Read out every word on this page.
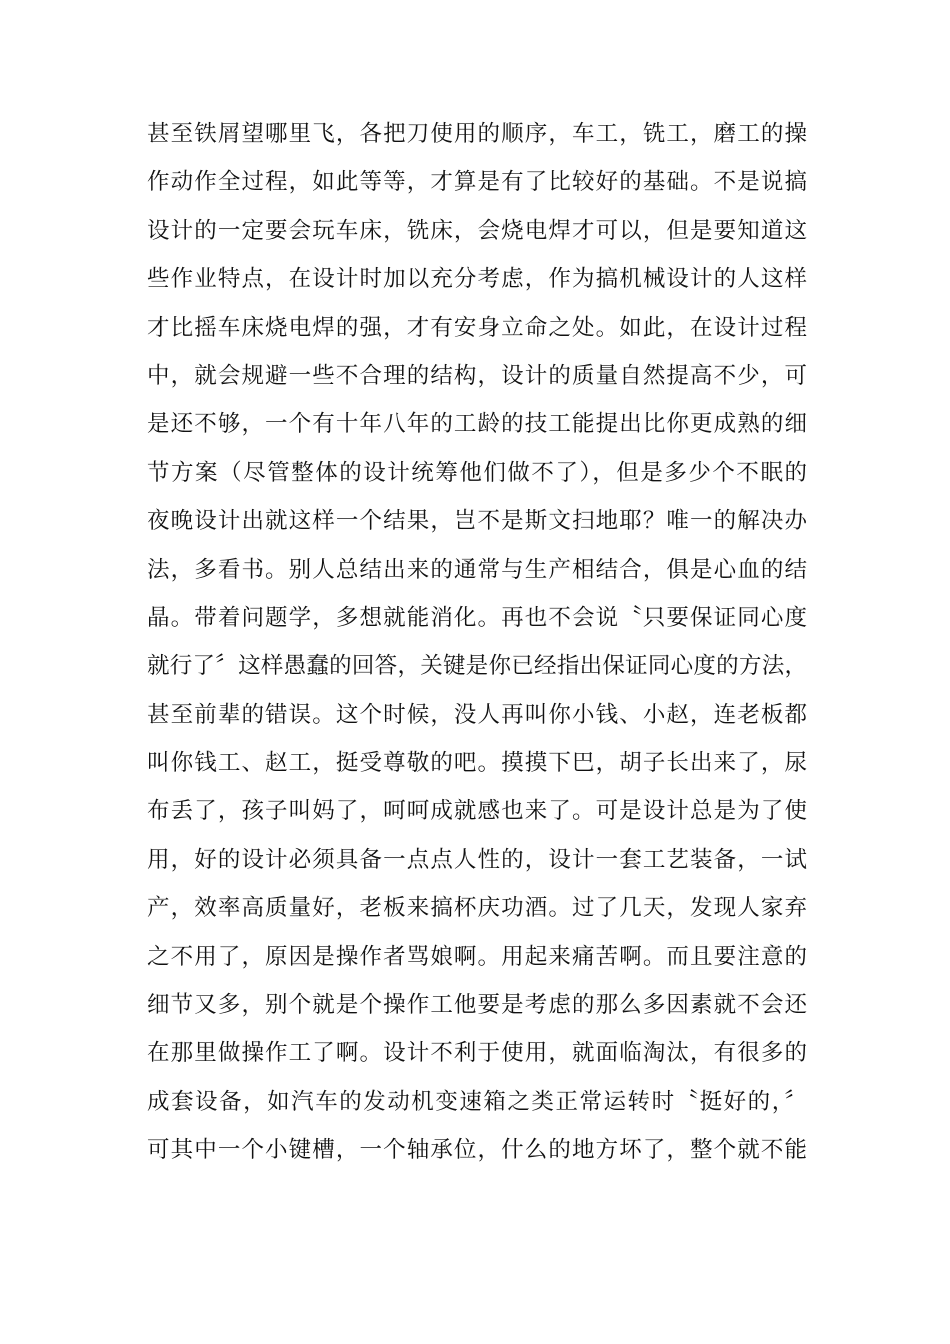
甚至铁屑望哪里飞，各把刀使用的顺序，车工，铣工，磨工的操
作动作全过程，如此等等，才算是有了比较好的基础。不是说搞
设计的一定要会玩车床，铣床，会烧电焊才可以，但是要知道这
些作业特点，在设计时加以充分考虑，作为搞机械设计的人这样
才比摇车床烧电焊的强，才有安身立命之处。如此，在设计过程
中，就会规避一些不合理的结构，设计的质量自然提高不少，可
是还不够，一个有十年八年的工龄的技工能提出比你更成熟的细
节方案（尽管整体的设计统筹他们做不了），但是多少个不眠的
夜晚设计出就这样一个结果，岂不是斯文扫地耶？唯一的解决办
法，多看书。别人总结出来的通常与生产相结合，俱是心血的结
晶。带着问题学，多想就能消化。再也不会说〝只要保证同心度
就行了〞这样愚蠢的回答，关键是你已经指出保证同心度的方法，
甚至前辈的错误。这个时候，没人再叫你小钱、小赵，连老板都
叫你钱工、赵工，挺受尊敬的吧。摸摸下巴，胡子长出来了，尿
布丢了，孩子叫妈了，呵呵成就感也来了。可是设计总是为了使
用，好的设计必须具备一点点人性的，设计一套工艺装备，一试
产，效率高质量好，老板来搞杯庆功酒。过了几天，发现人家弃
之不用了，原因是操作者骂娘啊。用起来痛苦啊。而且要注意的
细节又多，别个就是个操作工他要是考虑的那么多因素就不会还
在那里做操作工了啊。设计不利于使用，就面临淘汰，有很多的
成套设备，如汽车的发动机变速箱之类正常运转时〝挺好的，〞
可其中一个小键槽，一个轴承位，什么的地方坏了，整个就不能
